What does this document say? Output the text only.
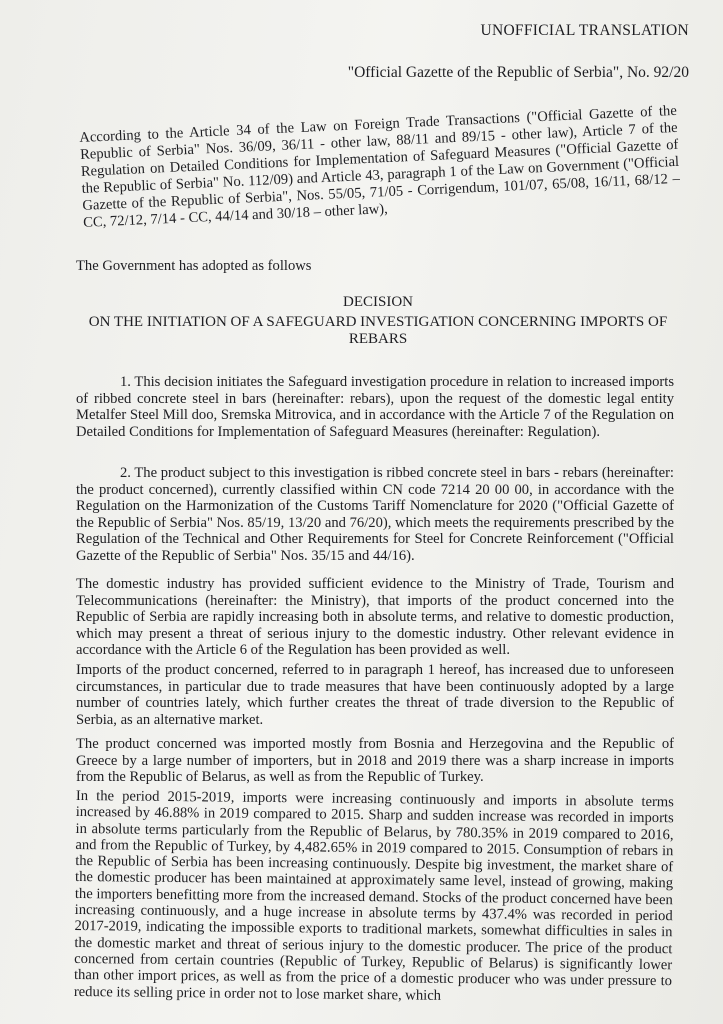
UNOFFICIAL TRANSLATION
"Official Gazette of the Republic of Serbia", No. 92/20
According to the Article 34 of the Law on Foreign Trade Transactions ("Official Gazette of the Republic of Serbia" Nos. 36/09, 36/11 - other law, 88/11 and 89/15 - other law), Article 7 of the Regulation on Detailed Conditions for Implementation of Safeguard Measures ("Official Gazette of the Republic of Serbia" No. 112/09) and Article 43, paragraph 1 of the Law on Government ("Official Gazette of the Republic of Serbia", Nos. 55/05, 71/05 - Corrigendum, 101/07, 65/08, 16/11, 68/12 – CC, 72/12, 7/14 - CC, 44/14 and 30/18 – other law),
The Government has adopted as follows
DECISION
ON THE INITIATION OF A SAFEGUARD INVESTIGATION CONCERNING IMPORTS OF REBARS
1. This decision initiates the Safeguard investigation procedure in relation to increased imports of ribbed concrete steel in bars (hereinafter: rebars), upon the request of the domestic legal entity Metalfer Steel Mill doo, Sremska Mitrovica, and in accordance with the Article 7 of the Regulation on Detailed Conditions for Implementation of Safeguard Measures (hereinafter: Regulation).
2. The product subject to this investigation is ribbed concrete steel in bars - rebars (hereinafter: the product concerned), currently classified within CN code 7214 20 00 00, in accordance with the Regulation on the Harmonization of the Customs Tariff Nomenclature for 2020 ("Official Gazette of the Republic of Serbia" Nos. 85/19, 13/20 and 76/20), which meets the requirements prescribed by the Regulation of the Technical and Other Requirements for Steel for Concrete Reinforcement ("Official Gazette of the Republic of Serbia" Nos. 35/15 and 44/16).
The domestic industry has provided sufficient evidence to the Ministry of Trade, Tourism and Telecommunications (hereinafter: the Ministry), that imports of the product concerned into the Republic of Serbia are rapidly increasing both in absolute terms, and relative to domestic production, which may present a threat of serious injury to the domestic industry. Other relevant evidence in accordance with the Article 6 of the Regulation has been provided as well.
Imports of the product concerned, referred to in paragraph 1 hereof, has increased due to unforeseen circumstances, in particular due to trade measures that have been continuously adopted by a large number of countries lately, which further creates the threat of trade diversion to the Republic of Serbia, as an alternative market.
The product concerned was imported mostly from Bosnia and Herzegovina and the Republic of Greece by a large number of importers, but in 2018 and 2019 there was a sharp increase in imports from the Republic of Belarus, as well as from the Republic of Turkey.
In the period 2015-2019, imports were increasing continuously and imports in absolute terms increased by 46.88% in 2019 compared to 2015. Sharp and sudden increase was recorded in imports in absolute terms particularly from the Republic of Belarus, by 780.35% in 2019 compared to 2016, and from the Republic of Turkey, by 4,482.65% in 2019 compared to 2015. Consumption of rebars in the Republic of Serbia has been increasing continuously. Despite big investment, the market share of the domestic producer has been maintained at approximately same level, instead of growing, making the importers benefitting more from the increased demand. Stocks of the product concerned have been increasing continuously, and a huge increase in absolute terms by 437.4% was recorded in period 2017-2019, indicating the impossible exports to traditional markets, somewhat difficulties in sales in the domestic market and threat of serious injury to the domestic producer. The price of the product concerned from certain countries (Republic of Turkey, Republic of Belarus) is significantly lower than other import prices, as well as from the price of a domestic producer who was under pressure to reduce its selling price in order not to lose market share, which
